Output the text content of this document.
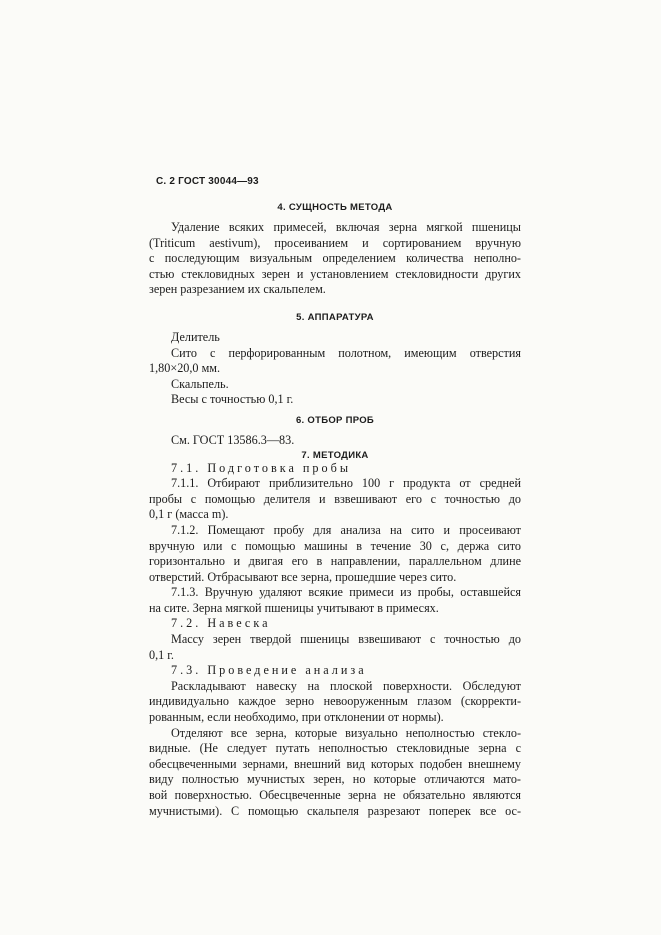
С. 2 ГОСТ 30044—93
4. СУЩНОСТЬ МЕТОДА
Удаление всяких примесей, включая зерна мягкой пшеницы
(Triticum aestivum), просеиванием и сортированием вручную
с последующим визуальным определением количества неполно-
стью стекловидных зерен и установлением стекловидности других
зерен разрезанием их скальпелем.
5. АППАРАТУРА
Делитель
Сито с перфорированным полотном, имеющим отверстия
1,80×20,0 мм.
Скальпель.
Весы с точностью 0,1 г.
6. ОТБОР ПРОБ
См. ГОСТ 13586.3—83.
7. МЕТОДИКА
7.1. Подготовка пробы
7.1.1. Отбирают приблизительно 100 г продукта от средней
пробы с помощью делителя и взвешивают его с точностью до
0,1 г (масса m).
7.1.2. Помещают пробу для анализа на сито и просеивают
вручную или с помощью машины в течение 30 с, держа сито
горизонтально и двигая его в направлении, параллельном длине
отверстий. Отбрасывают все зерна, прошедшие через сито.
7.1.3. Вручную удаляют всякие примеси из пробы, оставшейся
на сите. Зерна мягкой пшеницы учитывают в примесях.
7.2. Навеска
Массу зерен твердой пшеницы взвешивают с точностью до
0,1 г.
7.3. Проведение анализа
Раскладывают навеску на плоской поверхности. Обследуют
индивидуально каждое зерно невооруженным глазом (скорректи-
рованным, если необходимо, при отклонении от нормы).
Отделяют все зерна, которые визуально неполностью стекло-
видные. (Не следует путать неполностью стекловидные зерна с
обесцвеченными зернами, внешний вид которых подобен внешнему
виду полностью мучнистых зерен, но которые отличаются мато-
вой поверхностью. Обесцвеченные зерна не обязательно являются
мучнистыми). С помощью скальпеля разрезают поперек все ос-
